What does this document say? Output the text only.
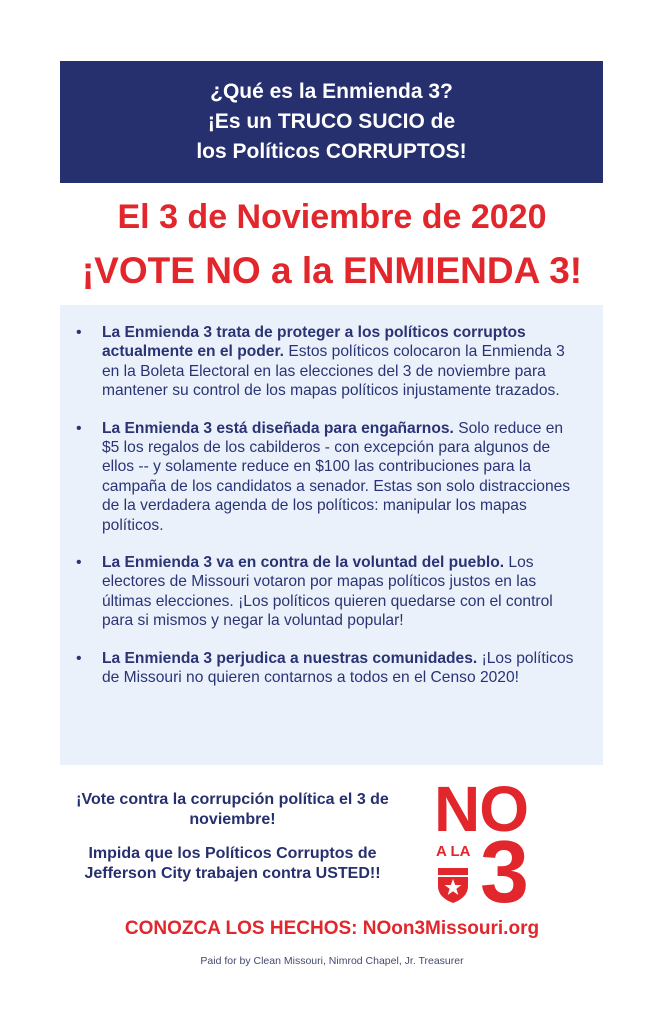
¿Qué es la Enmienda 3?
¡Es un TRUCO SUCIO de
los Políticos CORRUPTOS!
El 3 de Noviembre de 2020
¡VOTE NO a la ENMIENDA 3!
• La Enmienda 3 trata de proteger a los políticos corruptos actualmente en el poder. Estos políticos colocaron la Enmienda 3 en la Boleta Electoral en las elecciones del 3 de noviembre para mantener su control de los mapas políticos injustamente trazados.
• La Enmienda 3 está diseñada para engañarnos. Solo reduce en $5 los regalos de los cabilderos - con excepción para algunos de ellos -- y solamente reduce en $100 las contribuciones para la campaña de los candidatos a senador. Estas son solo distracciones de la verdadera agenda de los políticos: manipular los mapas políticos.
• La Enmienda 3 va en contra de la voluntad del pueblo. Los electores de Missouri votaron por mapas políticos justos en las últimas elecciones. ¡Los políticos quieren quedarse con el control para si mismos y negar la voluntad popular!
• La Enmienda 3 perjudica a nuestras comunidades. ¡Los políticos de Missouri no quieren contarnos a todos en el Censo 2020!
¡Vote contra la corrupción política el 3 de noviembre!
Impida que los Políticos Corruptos de Jefferson City trabajen contra USTED!!
NO
A LA 3
CONOZCA LOS HECHOS: NOon3Missouri.org
Paid for by Clean Missouri, Nimrod Chapel, Jr. Treasurer
